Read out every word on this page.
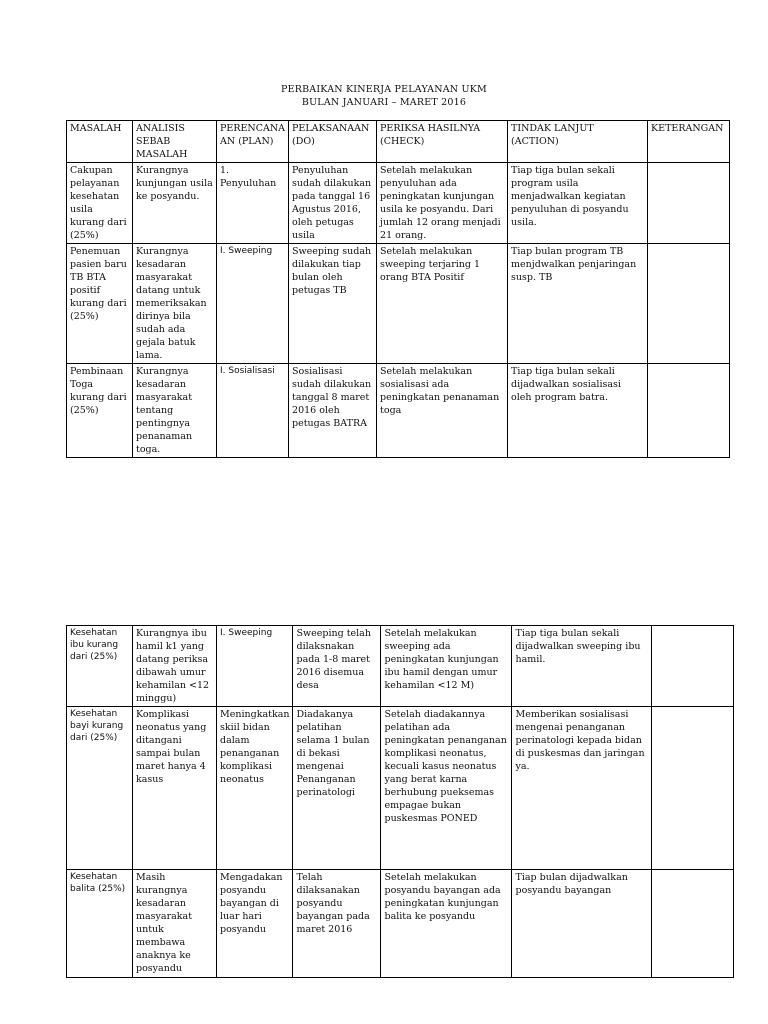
PERBAIKAN KINERJA PELAYANAN UKM
BULAN JANUARI – MARET 2016
MASALAH	ANALISIS SEBAB MASALAH	PERENCANA AN (PLAN)	PELAKSANAAN (DO)	PERIKSA HASILNYA (CHECK)	TINDAK LANJUT (ACTION)	KETERANGAN
Cakupan pelayanan kesehatan usila kurang dari (25%)	Kurangnya kunjungan usila ke posyandu.	1. Penyuluhan	Penyuluhan sudah dilakukan pada tanggal 16 Agustus 2016, oleh petugas usila	Setelah melakukan penyuluhan ada peningkatan kunjungan usila ke posyandu. Dari jumlah 12 orang menjadi 21 orang.	Tiap tiga bulan sekali program usila menjadwalkan kegiatan penyuluhan di posyandu usila.	
Penemuan pasien baru TB BTA positif kurang dari (25%)	Kurangnya kesadaran masyarakat datang untuk memeriksakan dirinya bila sudah ada gejala batuk lama.	I. Sweeping	Sweeping sudah dilakukan tiap bulan oleh petugas TB	Setelah melakukan sweeping terjaring 1 orang BTA Positif	Tiap bulan program TB menjdwalkan penjaringan susp. TB	
Pembinaan Toga kurang dari (25%)	Kurangnya kesadaran masyarakat tentang pentingnya penanaman toga.	I. Sosialisasi	Sosialisasi sudah dilakukan tanggal 8 maret 2016 oleh petugas BATRA	Setelah melakukan sosialisasi ada peningkatan penanaman toga	Tiap tiga bulan sekali dijadwalkan sosialisasi oleh program batra.	
Kesehatan ibu kurang dari (25%)	Kurangnya ibu hamil k1 yang datang periksa dibawah umur kehamilan <12 minggu)	I. Sweeping	Sweeping telah dilaksnakan pada 1-8 maret 2016 disemua desa	Setelah melakukan sweeping ada peningkatan kunjungan ibu hamil dengan umur kehamilan <12 M)	Tiap tiga bulan sekali dijadwalkan sweeping ibu hamil.	
Kesehatan bayi kurang dari (25%)	Komplikasi neonatus yang ditangani sampai bulan maret hanya 4 kasus	Meningkatkan skiil bidan dalam penanganan komplikasi neonatus	Diadakanya pelatihan selama 1 bulan di bekasi mengenai Penanganan perinatologi	Setelah diadakannya pelatihan ada peningkatan penanganan komplikasi neonatus, kecuali kasus neonatus yang berat karna berhubung pueksemas empagae bukan puskesmas PONED	Memberikan sosialisasi mengenai penanganan perinatologi kepada bidan di puskesmas dan jaringan ya.	
Kesehatan balita (25%)	Masih kurangnya kesadaran masyarakat untuk membawa anaknya ke posyandu	Mengadakan posyandu bayangan di luar hari posyandu	Telah dilaksanakan posyandu bayangan pada maret 2016	Setelah melakukan posyandu bayangan ada peningkatan kunjungan balita ke posyandu	Tiap bulan dijadwalkan posyandu bayangan	
